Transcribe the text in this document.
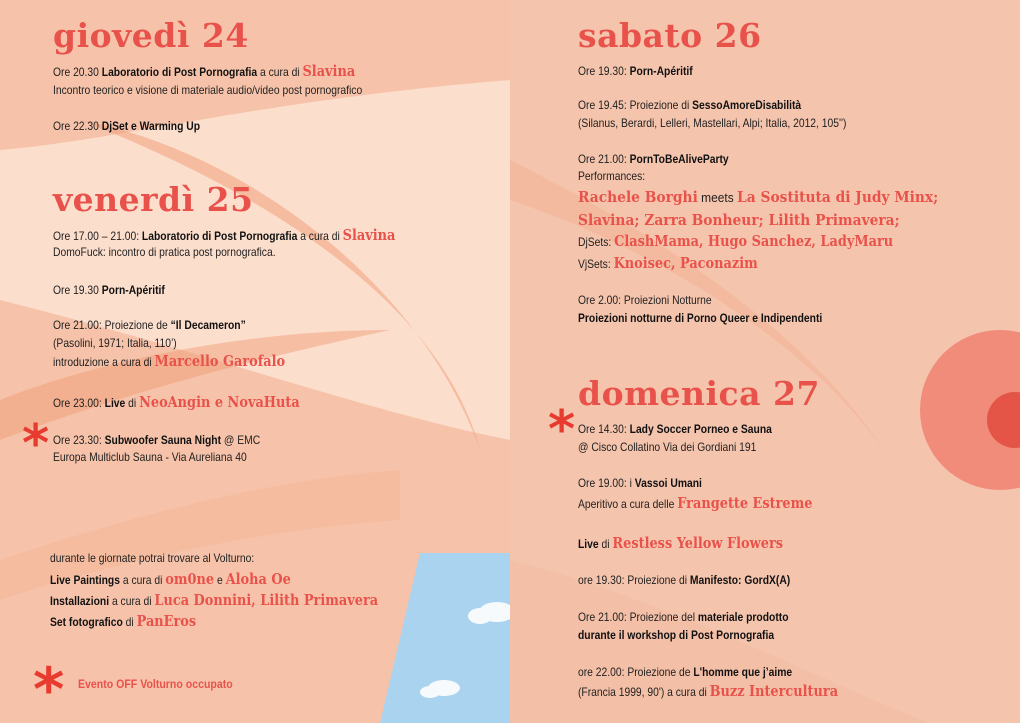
giovedì 24
Ore 20.30 Laboratorio di Post Pornografia a cura di Slavina
Incontro teorico e visione di materiale audio/video post pornografico
Ore 22.30 DjSet e Warming Up
venerdì 25
Ore 17.00 – 21.00: Laboratorio di Post Pornografia a cura di Slavina
DomoFuck: incontro di pratica post pornografica.
Ore 19.30 Porn-Apéritif
Ore 21.00: Proiezione de “Il Decameron”
(Pasolini, 1971; Italia, 110’)
introduzione a cura di Marcello Garofalo
Ore 23.00: Live di NeoAngin e NovaHuta
* Ore 23.30: Subwoofer Sauna Night @ EMC
Europa Multiclub Sauna - Via Aureliana 40
durante le giornate potrai trovare al Volturno:
Live Paintings a cura di om0ne e Aloha Oe
Installazioni a cura di Luca Donnini, Lilith Primavera
Set fotografico di PanEros
* Evento OFF Volturno occupato
sabato 26
Ore 19.30: Porn-Apéritif
Ore 19.45: Proiezione di SessoAmoreDisabilità
(Silanus, Berardi, Lelleri, Mastellari, Alpi; Italia, 2012, 105'')
Ore 21.00: PornToBeAliveParty
Performances:
Rachele Borghi meets La Sostituta di Judy Minx;
Slavina; Zarra Bonheur; Lilith Primavera;
DjSets: ClashMama, Hugo Sanchez, LadyMaru
VjSets: Knoisec, Paconazim
Ore 2.00: Proiezioni Notturne
Proiezioni notturne di Porno Queer e Indipendenti
domenica 27
* Ore 14.30: Lady Soccer Porneo e Sauna
@ Cisco Collatino Via dei Gordiani 191
Ore 19.00: i Vassoi Umani
Aperitivo a cura delle Frangette Estreme
Live di Restless Yellow Flowers
ore 19.30: Proiezione di Manifesto: GordX(A)
Ore 21.00: Proiezione del materiale prodotto
durante il workshop di Post Pornografia
ore 22.00: Proiezione de L'homme que j’aime
(Francia 1999, 90') a cura di Buzz Intercultura
